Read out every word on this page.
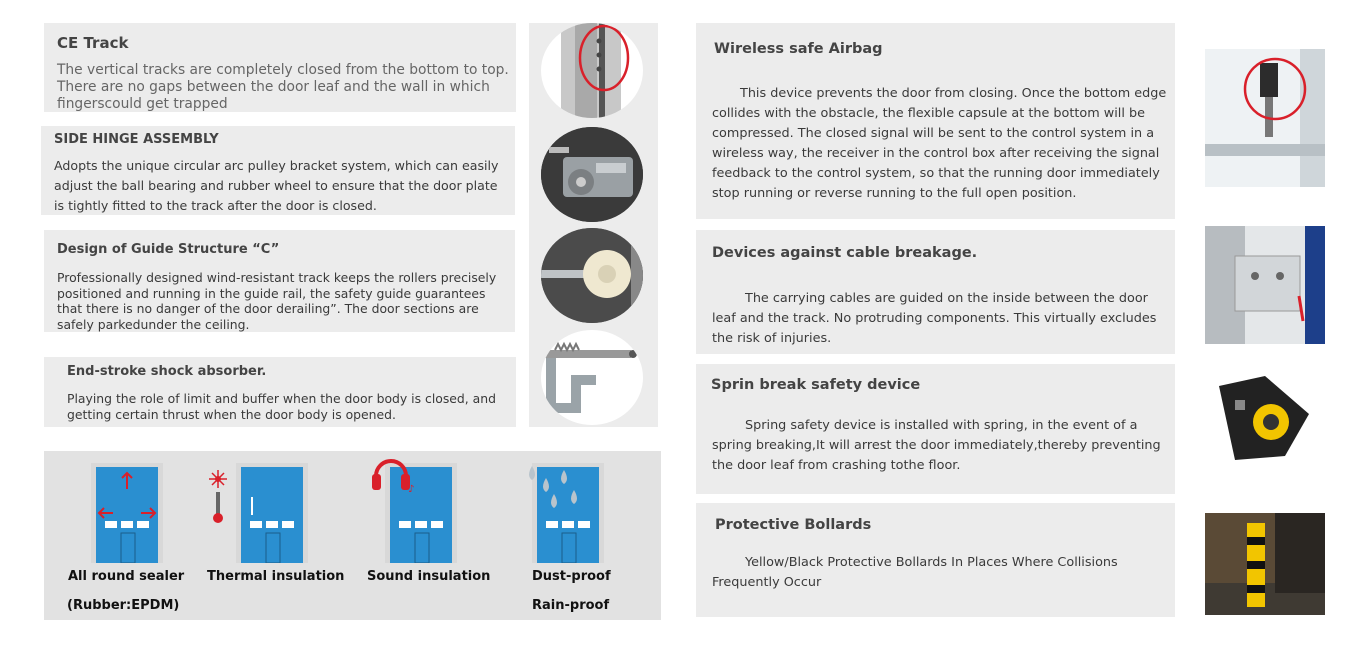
CE Track
The vertical tracks are completely closed from the bottom to top. There are no gaps between the door leaf and the wall in which fingerscould get trapped
SIDE HINGE ASSEMBLY
Adopts the unique circular arc pulley bracket system, which can easily adjust the ball bearing and rubber wheel to ensure that the door plate is tightly fitted to the track after the door is closed.
Design of Guide Structure “C”
Professionally designed wind-resistant track keeps the rollers precisely positioned and running in the guide rail, the safety guide guarantees that there is no danger of the door derailing”. The door sections are safely parkedunder the ceiling.
End-stroke shock absorber.
Playing the role of limit and buffer when the door body is closed, and getting certain thrust when the door body is opened.
♪
All round sealer
(Rubber:EPDM)
Thermal insulation Sound insulation	Dust-proof
Rain-proof
Wireless safe Airbag
This device prevents the door from closing. Once the bottom edge collides with the obstacle, the flexible capsule at the bottom will be compressed. The closed signal will be sent to the control system in a wireless way, the receiver in the control box after receiving the signal feedback to the control system, so that the running door immediately stop running or reverse running to the full open position.
Devices against cable breakage.
The carrying cables are guided on the inside between the door leaf and the track. No protruding components. This virtually excludes the risk of injuries.
Sprin break safety device
Spring safety device is installed with spring, in the event of a spring breaking,It will arrest the door immediately,thereby preventing the door leaf from crashing tothe floor.
Protective Bollards
Yellow/Black Protective Bollards In Places Where Collisions Frequently Occur
